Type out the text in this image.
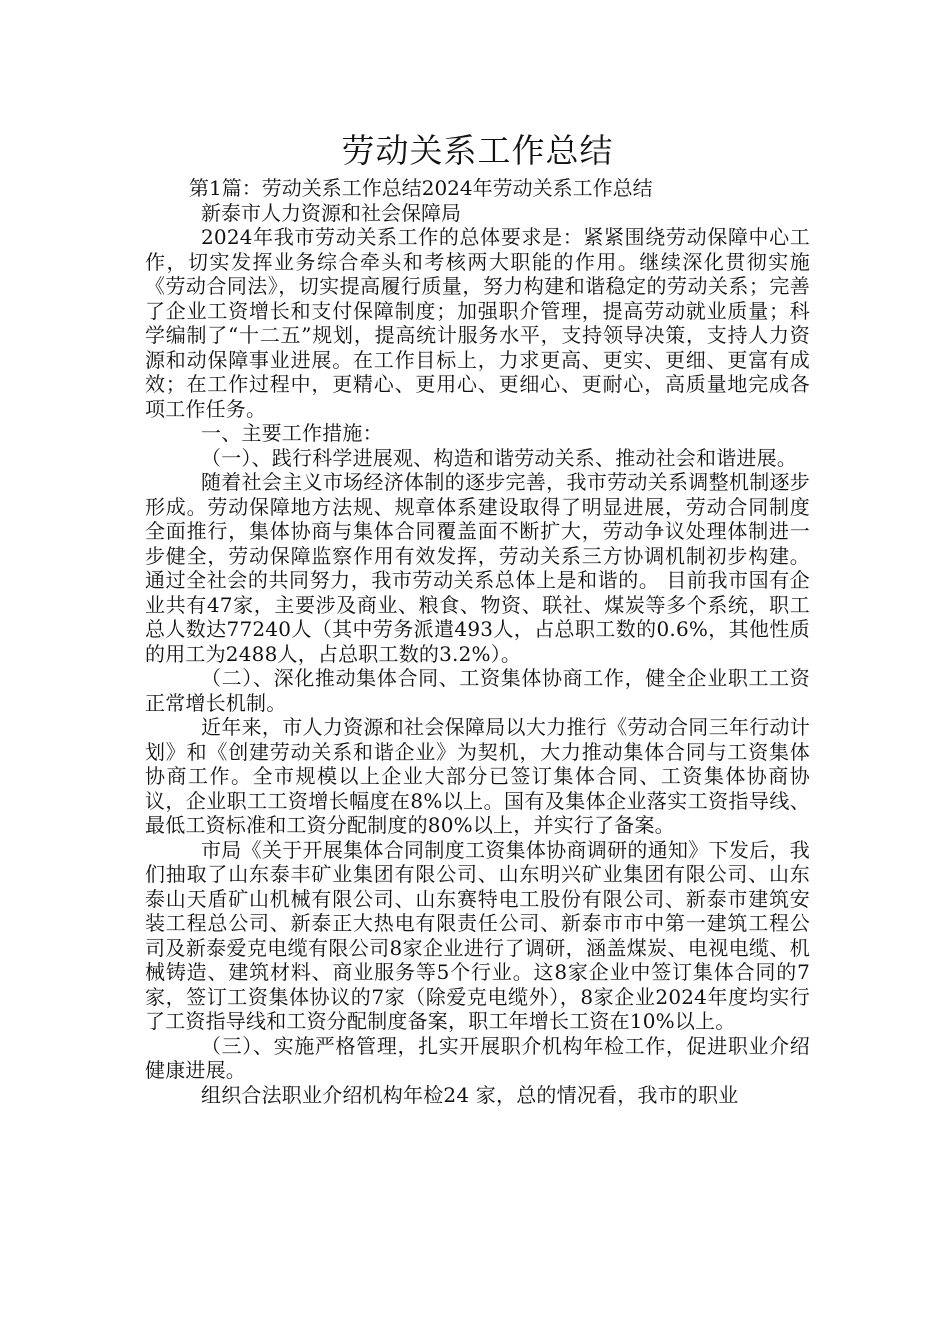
劳动关系工作总结

第1篇：劳动关系工作总结2024年劳动关系工作总结

新泰市人力资源和社会保障局

2024年我市劳动关系工作的总体要求是：紧紧围绕劳动保障中心工作，切实发挥业务综合牵头和考核两大职能的作用。继续深化贯彻实施《劳动合同法》，切实提高履行质量，努力构建和谐稳定的劳动关系；完善了企业工资增长和支付保障制度；加强职介管理，提高劳动就业质量；科学编制了“十二五”规划，提高统计服务水平，支持领导决策，支持人力资源和动保障事业进展。在工作目标上，力求更高、更实、更细、更富有成效；在工作过程中，更精心、更用心、更细心、更耐心，高质量地完成各项工作任务。

一、主要工作措施：

（一）、践行科学进展观、构造和谐劳动关系、推动社会和谐进展。

随着社会主义市场经济体制的逐步完善，我市劳动关系调整机制逐步形成。劳动保障地方法规、规章体系建设取得了明显进展，劳动合同制度全面推行，集体协商与集体合同覆盖面不断扩大，劳动争议处理体制进一步健全，劳动保障监察作用有效发挥，劳动关系三方协调机制初步构建。通过全社会的共同努力，我市劳动关系总体上是和谐的。 目前我市国有企业共有47家，主要涉及商业、粮食、物资、联社、煤炭等多个系统，职工总人数达77240人（其中劳务派遣493人，占总职工数的0.6%，其他性质的用工为2488人，占总职工数的3.2%）。

（二）、深化推动集体合同、工资集体协商工作，健全企业职工工资正常增长机制。

近年来，市人力资源和社会保障局以大力推行《劳动合同三年行动计划》和《创建劳动关系和谐企业》为契机，大力推动集体合同与工资集体协商工作。全市规模以上企业大部分已签订集体合同、工资集体协商协议，企业职工工资增长幅度在8%以上。国有及集体企业落实工资指导线、最低工资标准和工资分配制度的80%以上，并实行了备案。

市局《关于开展集体合同制度工资集体协商调研的通知》下发后，我们抽取了山东泰丰矿业集团有限公司、山东明兴矿业集团有限公司、山东泰山天盾矿山机械有限公司、山东赛特电工股份有限公司、新泰市建筑安装工程总公司、新泰正大热电有限责任公司、新泰市市中第一建筑工程公司及新泰爱克电缆有限公司8家企业进行了调研，涵盖煤炭、电视电缆、机械铸造、建筑材料、商业服务等5个行业。这8家企业中签订集体合同的7家，签订工资集体协议的7家（除爱克电缆外），8家企业2024年度均实行了工资指导线和工资分配制度备案，职工年增长工资在10%以上。

（三）、实施严格管理，扎实开展职介机构年检工作，促进职业介绍健康进展。

组织合法职业介绍机构年检24 家，总的情况看，我市的职业
